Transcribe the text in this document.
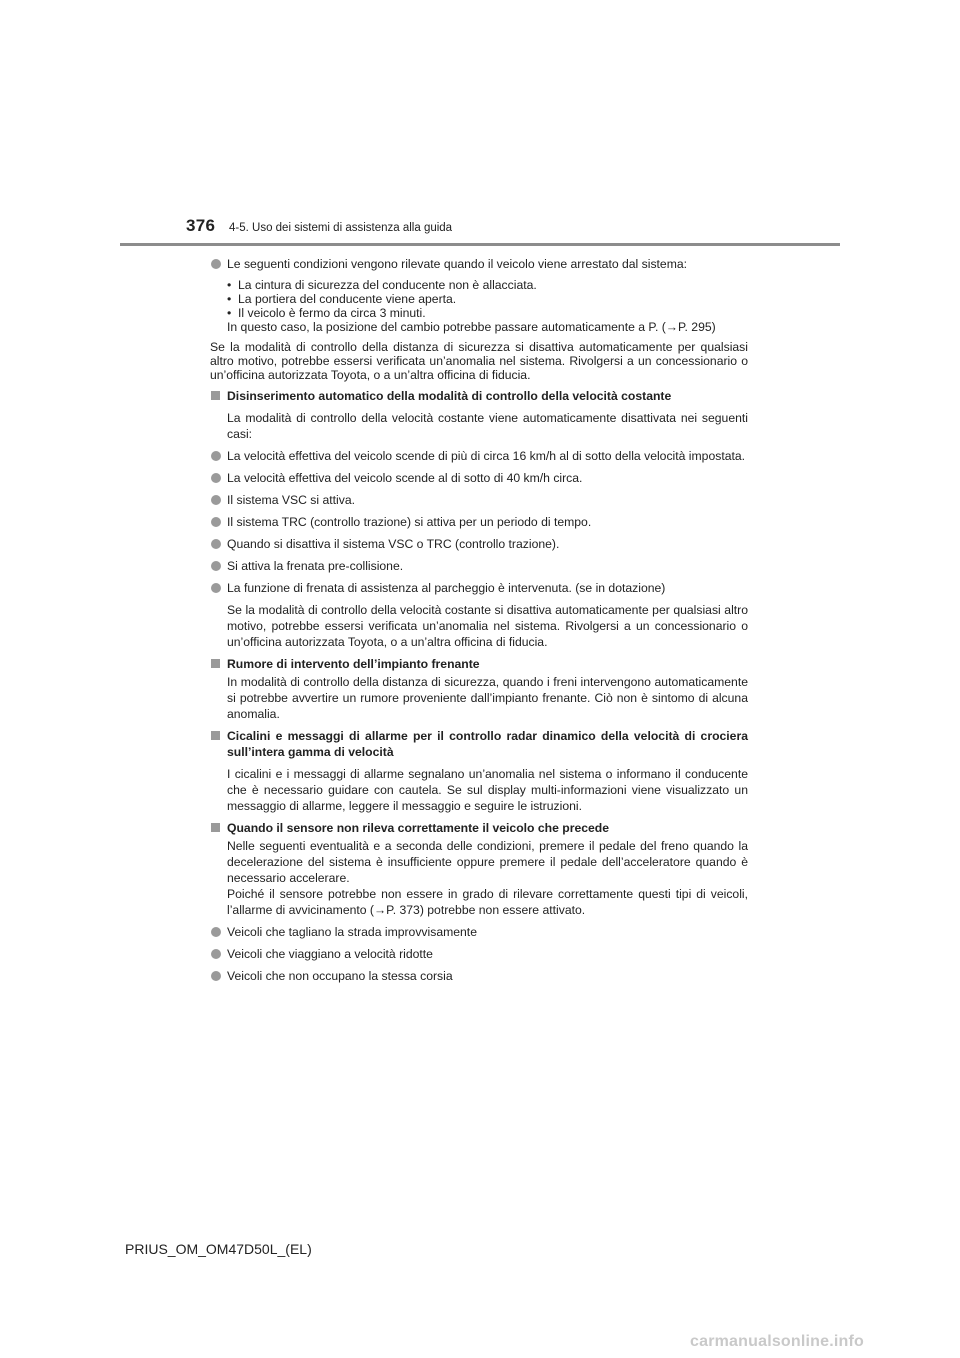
376 4-5. Uso dei sistemi di assistenza alla guida
Le seguenti condizioni vengono rilevate quando il veicolo viene arrestato dal sistema:
• La cintura di sicurezza del conducente non è allacciata.
• La portiera del conducente viene aperta.
• Il veicolo è fermo da circa 3 minuti.
In questo caso, la posizione del cambio potrebbe passare automaticamente a P. (→P. 295)
Se la modalità di controllo della distanza di sicurezza si disattiva automaticamente per qualsiasi altro motivo, potrebbe essersi verificata un’anomalia nel sistema. Rivolgersi a un concessionario o un’officina autorizzata Toyota, o a un’altra officina di fiducia.
Disinserimento automatico della modalità di controllo della velocità costante
La modalità di controllo della velocità costante viene automaticamente disattivata nei seguenti casi:
La velocità effettiva del veicolo scende di più di circa 16 km/h al di sotto della velocità impostata.
La velocità effettiva del veicolo scende al di sotto di 40 km/h circa.
Il sistema VSC si attiva.
Il sistema TRC (controllo trazione) si attiva per un periodo di tempo.
Quando si disattiva il sistema VSC o TRC (controllo trazione).
Si attiva la frenata pre-collisione.
La funzione di frenata di assistenza al parcheggio è intervenuta. (se in dotazione)
Se la modalità di controllo della velocità costante si disattiva automaticamente per qualsiasi altro motivo, potrebbe essersi verificata un’anomalia nel sistema. Rivolgersi a un concessionario o un’officina autorizzata Toyota, o a un’altra officina di fiducia.
Rumore di intervento dell’impianto frenante
In modalità di controllo della distanza di sicurezza, quando i freni intervengono automaticamente si potrebbe avvertire un rumore proveniente dall’impianto frenante. Ciò non è sintomo di alcuna anomalia.
Cicalini e messaggi di allarme per il controllo radar dinamico della velocità di crociera sull’intera gamma di velocità
I cicalini e i messaggi di allarme segnalano un’anomalia nel sistema o informano il conducente che è necessario guidare con cautela. Se sul display multi-informazioni viene visualizzato un messaggio di allarme, leggere il messaggio e seguire le istruzioni.
Quando il sensore non rileva correttamente il veicolo che precede
Nelle seguenti eventualità e a seconda delle condizioni, premere il pedale del freno quando la decelerazione del sistema è insufficiente oppure premere il pedale dell’acceleratore quando è necessario accelerare.
Poiché il sensore potrebbe non essere in grado di rilevare correttamente questi tipi di veicoli, l’allarme di avvicinamento (→P. 373) potrebbe non essere attivato.
Veicoli che tagliano la strada improvvisamente
Veicoli che viaggiano a velocità ridotte
Veicoli che non occupano la stessa corsia
PRIUS_OM_OM47D50L_(EL)
carmanualsonline.info
